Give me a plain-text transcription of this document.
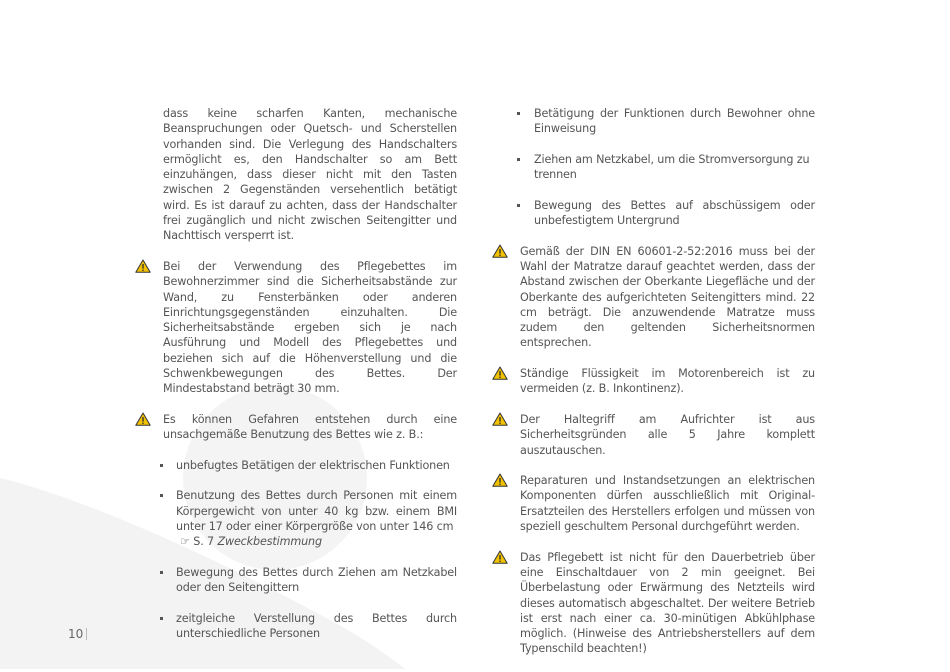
dass keine scharfen Kanten, mechanische Beanspruchungen oder Quetsch- und Scherstellen vorhanden sind. Die Verlegung des Handschalters ermöglicht es, den Handschalter so am Bett einzuhängen, dass dieser nicht mit den Tasten zwischen 2 Gegenständen versehentlich betätigt wird. Es ist darauf zu achten, dass der Handschalter frei zugänglich und nicht zwischen Seitengitter und Nachttisch versperrt ist.

Bei der Verwendung des Pflegebettes im Bewohnerzimmer sind die Sicherheitsabstände zur Wand, zu Fensterbänken oder anderen Einrichtungsgegenständen einzuhalten. Die Sicherheitsabstände ergeben sich je nach Ausführung und Modell des Pflegebettes und beziehen sich auf die Höhenverstellung und die Schwenkbewegungen des Bettes. Der Mindestabstand beträgt 30 mm.

Es können Gefahren entstehen durch eine unsachgemäße Benutzung des Bettes wie z. B.:

unbefugtes Betätigen der elektrischen Funktionen

Benutzung des Bettes durch Personen mit einem Körpergewicht von unter 40 kg bzw. einem BMI unter 17 oder einer Körpergröße von unter 146 cm

☞ S. 7 Zweckbestimmung

Bewegung des Bettes durch Ziehen am Netzkabel oder den Seitengittern

zeitgleiche Verstellung des Bettes durch unterschiedliche Personen

Betätigung der Funktionen durch Bewohner ohne Einweisung

Ziehen am Netzkabel, um die Stromversorgung zu trennen

Bewegung des Bettes auf abschüssigem oder unbefestigtem Untergrund

Gemäß der DIN EN 60601-2-52:2016 muss bei der Wahl der Matratze darauf geachtet werden, dass der Abstand zwischen der Oberkante Liegefläche und der Oberkante des aufgerichteten Seitengitters mind. 22 cm beträgt. Die anzuwendende Matratze muss zudem den geltenden Sicherheitsnormen entsprechen.

Ständige Flüssigkeit im Motorenbereich ist zu vermeiden (z. B. Inkontinenz).

Der Haltegriff am Aufrichter ist aus Sicherheitsgründen alle 5 Jahre komplett auszutauschen.

Reparaturen und Instandsetzungen an elektrischen Komponenten dürfen ausschließlich mit Original-Ersatzteilen des Herstellers erfolgen und müssen von speziell geschultem Personal durchgeführt werden.

Das Pflegebett ist nicht für den Dauerbetrieb über eine Einschaltdauer von 2 min geeignet. Bei Überbelastung oder Erwärmung des Netzteils wird dieses automatisch abgeschaltet. Der weitere Betrieb ist erst nach einer ca. 30-minütigen Abkühlphase möglich. (Hinweise des Antriebsherstellers auf dem Typenschild beachten!)

10
